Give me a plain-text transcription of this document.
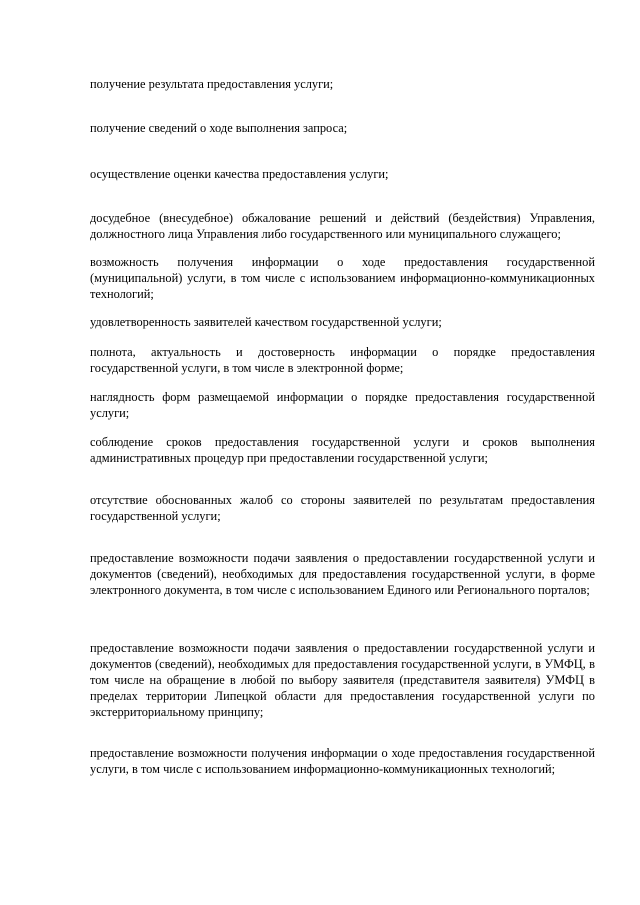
получение результата предоставления услуги;

получение сведений о ходе выполнения запроса;

осуществление оценки качества предоставления услуги;

досудебное (внесудебное) обжалование решений и действий (бездействия) Управления, должностного лица Управления либо государственного или муниципального служащего;

возможность получения информации о ходе предоставления государственной (муниципальной) услуги, в том числе с использованием информационно-коммуникационных технологий;

удовлетворенность заявителей качеством государственной услуги;

полнота, актуальность и достоверность информации о порядке предоставления государственной услуги, в том числе в электронной форме;

наглядность форм размещаемой информации о порядке предоставления государственной услуги;

соблюдение сроков предоставления государственной услуги и сроков выполнения административных процедур при предоставлении государственной услуги;

отсутствие обоснованных жалоб со стороны заявителей по результатам предоставления государственной услуги;

предоставление возможности подачи заявления о предоставлении государственной услуги и документов (сведений), необходимых для предоставления государственной услуги, в форме электронного документа, в том числе с использованием Единого или Регионального порталов;

предоставление возможности подачи заявления о предоставлении государственной услуги и документов (сведений), необходимых для предоставления государственной услуги, в УМФЦ, в том числе на обращение в любой по выбору заявителя (представителя заявителя) УМФЦ в пределах территории Липецкой области для предоставления государственной услуги по экстерриториальному принципу;

предоставление возможности получения информации о ходе предоставления государственной услуги, в том числе с использованием информационно-коммуникационных технологий;
